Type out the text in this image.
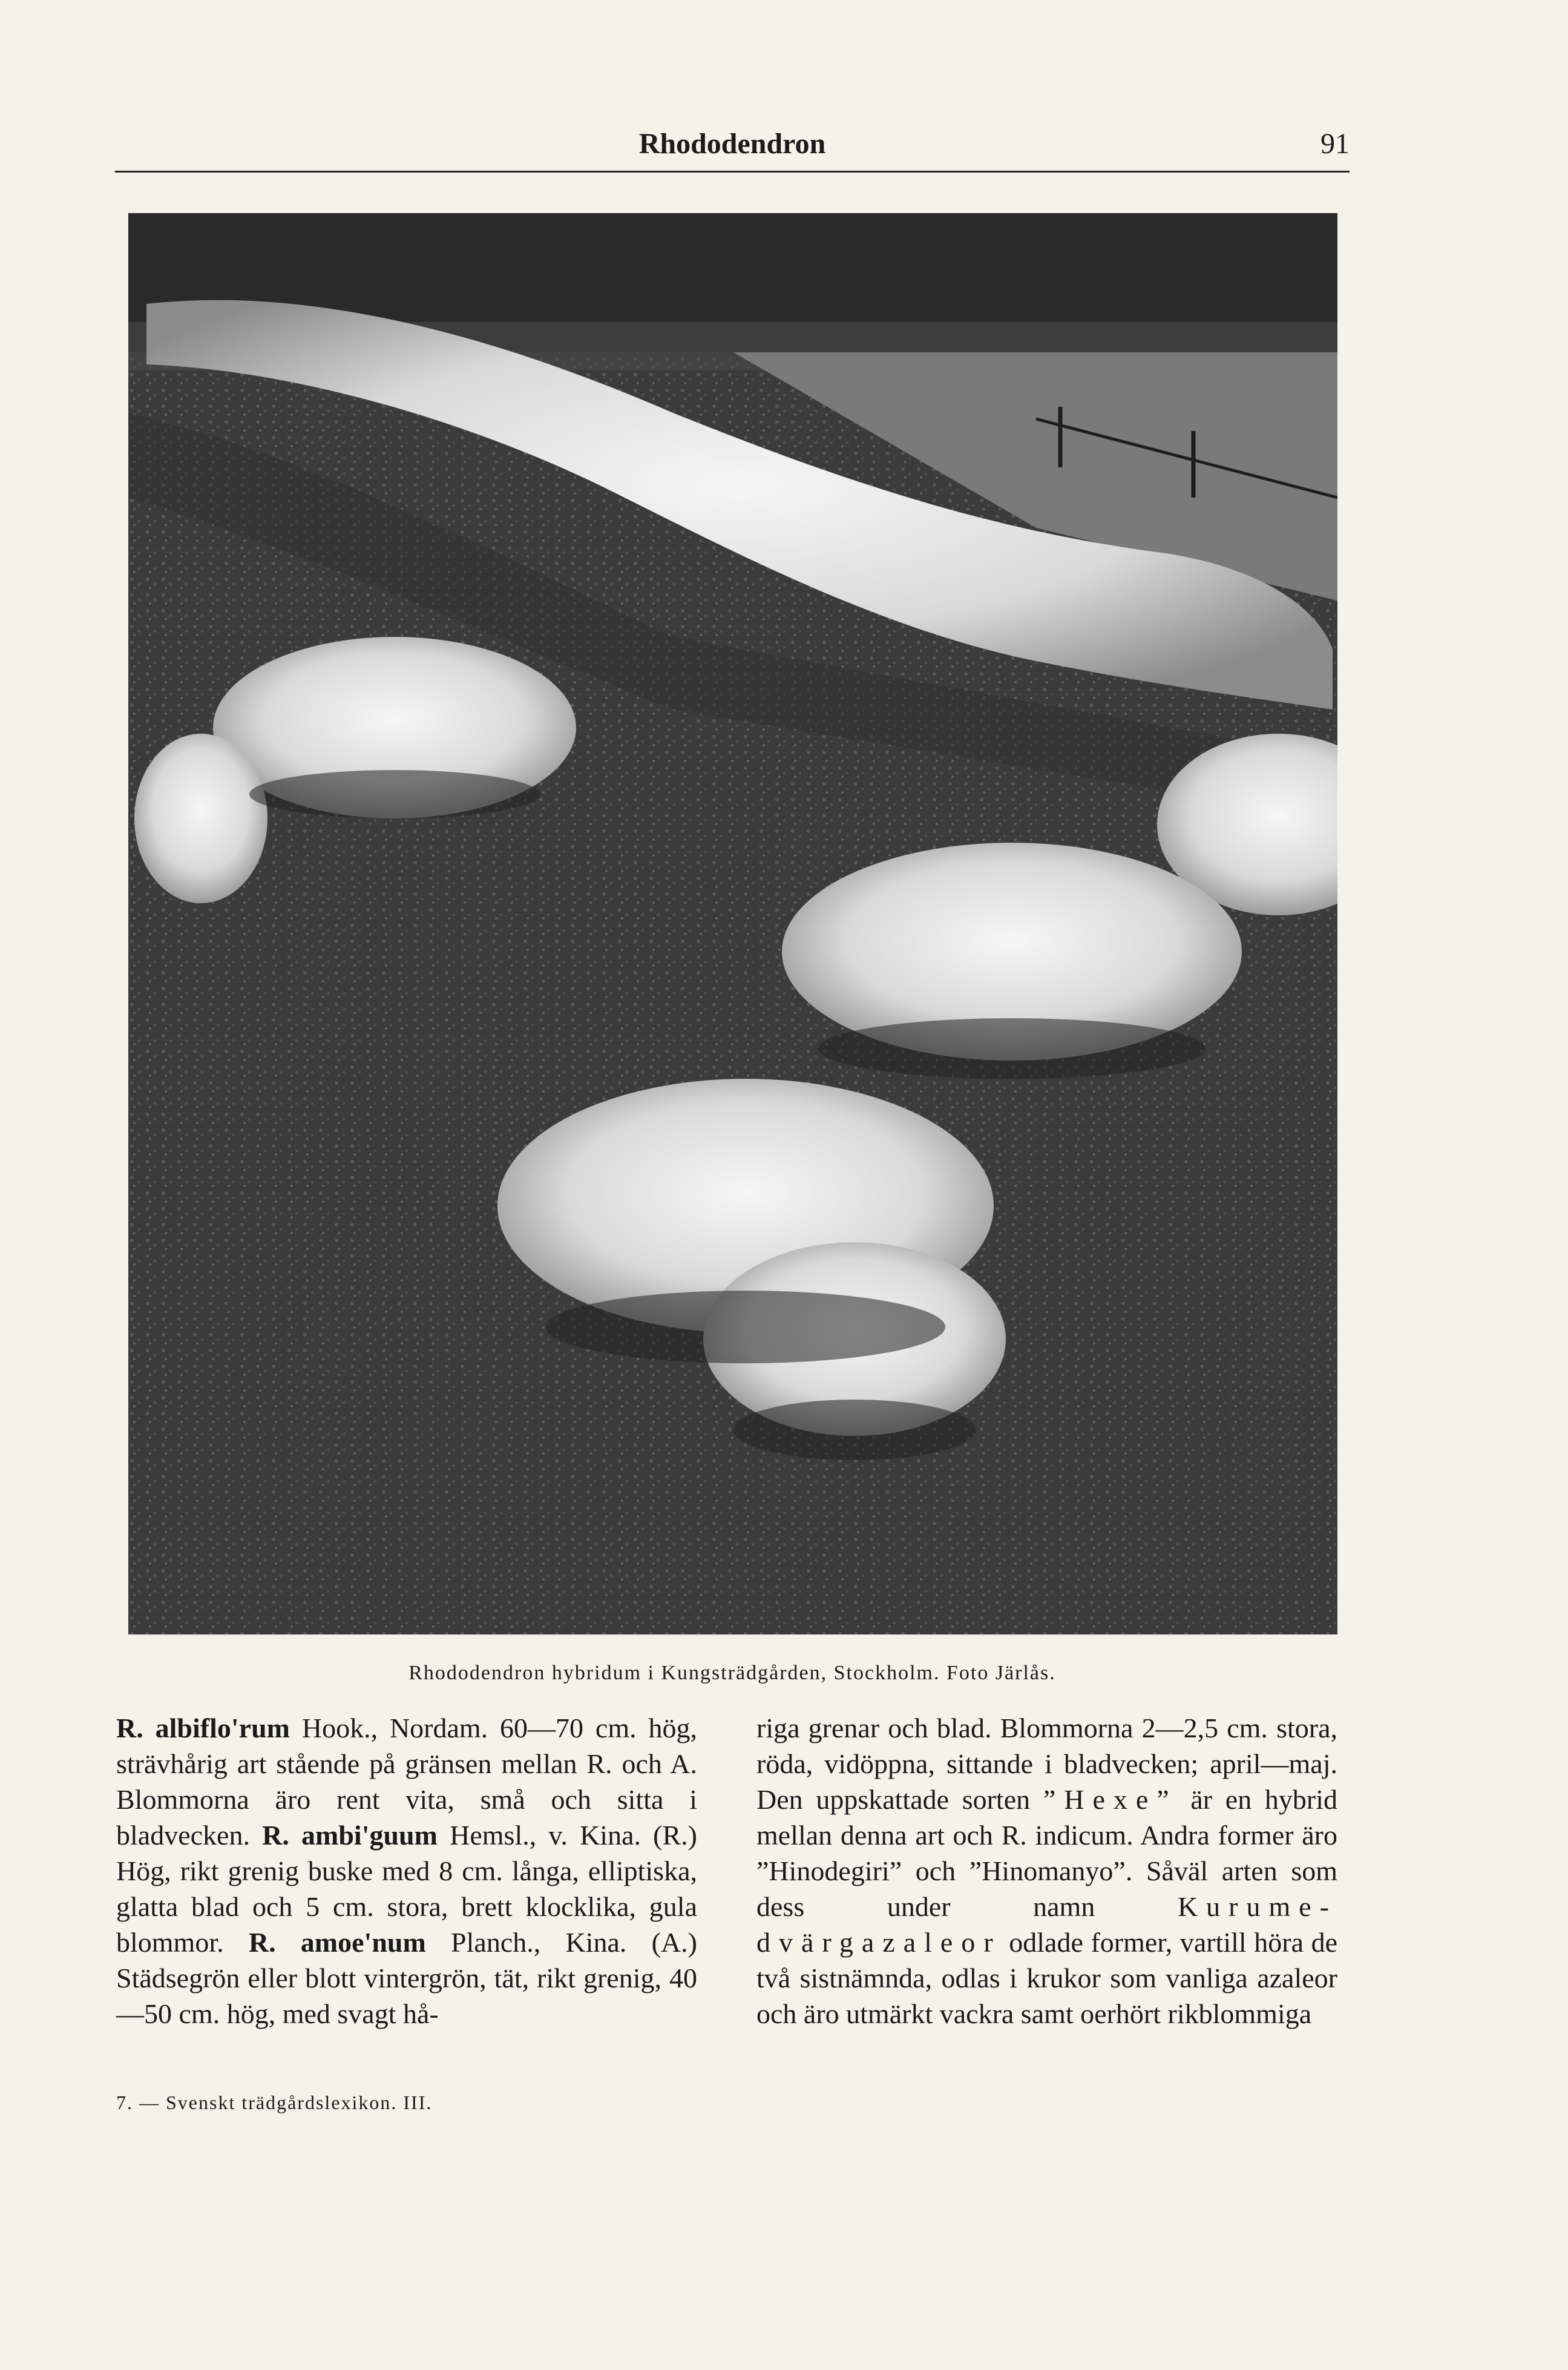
Rhododendron	91
Rhododendron hybridum i Kungsträdgården, Stockholm. Foto Järlås.

R. albiflo'rum Hook., Nordam. 60—70 cm. hög, strävhårig art stående på gränsen mellan R. och A. Blommorna äro rent vita, små och sitta i bladvecken. R. ambi'guum Hemsl., v. Kina. (R.) Hög, rikt grenig buske med 8 cm. långa, elliptiska, glatta blad och 5 cm. stora, brett klocklika, gula blommor. R. amoe'num Planch., Kina. (A.) Städsegrön eller blott vintergrön, tät, rikt grenig, 40—50 cm. hög, med svagt hå-

riga grenar och blad. Blommorna 2—2,5 cm. stora, röda, vidöppna, sittande i bladvecken; april—maj. Den uppskattade sorten ”Hexe” är en hybrid mellan denna art och R. indicum. Andra former äro ”Hinodegiri” och ”Hinomanyo”. Såväl arten som dess under namn Kurume-dvärgazaleor odlade former, vartill höra de två sistnämnda, odlas i krukor som vanliga azaleor och äro utmärkt vackra samt oerhört rikblommiga

7. — Svenskt trädgårdslexikon. III.
